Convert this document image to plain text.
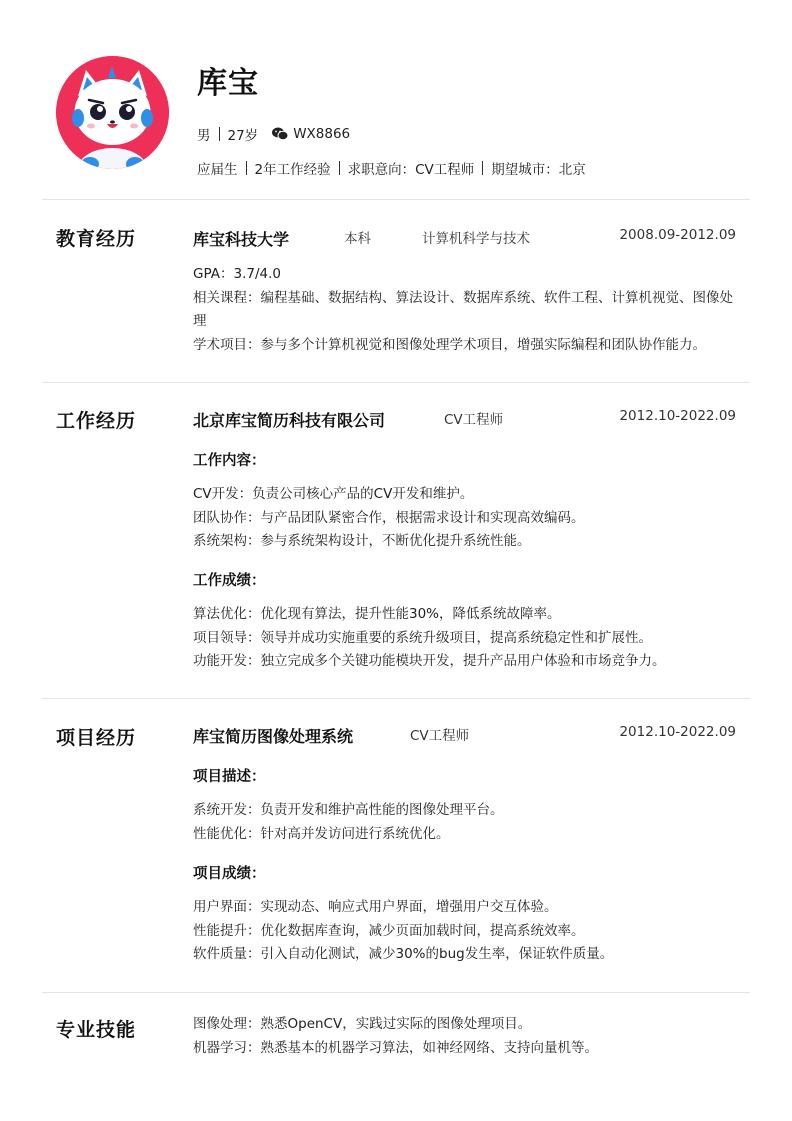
库宝
男 27岁	WX8866
应届生 2年工作经验 求职意向：CV工程师 期望城市：北京
教育经历	库宝科技大学	本科	计算机科学与技术	2008.09-2012.09
GPA：3.7/4.0
相关课程：编程基础、数据结构、算法设计、数据库系统、软件工程、计算机视觉、图像处理
学术项目：参与多个计算机视觉和图像处理学术项目，增强实际编程和团队协作能力。
工作经历	北京库宝简历科技有限公司	CV工程师	2012.10-2022.09
工作内容：
CV开发：负责公司核心产品的CV开发和维护。
团队协作：与产品团队紧密合作，根据需求设计和实现高效编码。
系统架构：参与系统架构设计，不断优化提升系统性能。
工作成绩：
算法优化：优化现有算法，提升性能30%，降低系统故障率。
项目领导：领导并成功实施重要的系统升级项目，提高系统稳定性和扩展性。
功能开发：独立完成多个关键功能模块开发，提升产品用户体验和市场竞争力。
项目经历	库宝简历图像处理系统	CV工程师	2012.10-2022.09
项目描述：
系统开发：负责开发和维护高性能的图像处理平台。
性能优化：针对高并发访问进行系统优化。
项目成绩：
用户界面：实现动态、响应式用户界面，增强用户交互体验。
性能提升：优化数据库查询，减少页面加载时间，提高系统效率。
软件质量：引入自动化测试，减少30%的bug发生率，保证软件质量。
专业技能	图像处理：熟悉OpenCV，实践过实际的图像处理项目。
机器学习：熟悉基本的机器学习算法，如神经网络、支持向量机等。
